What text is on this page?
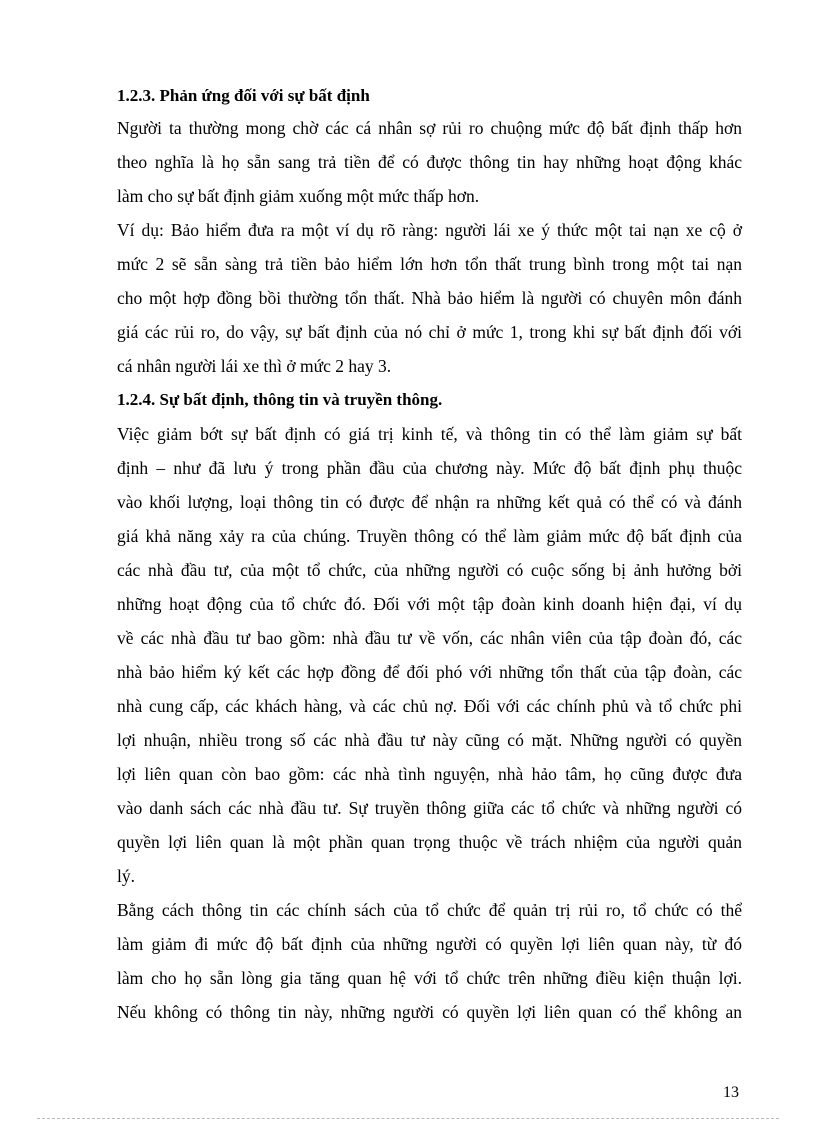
1.2.3. Phản ứng đối với sự bất định
Người ta thường mong chờ các cá nhân sợ rủi ro chuộng mức độ bất định thấp hơn
theo nghĩa là họ sẵn sang trả tiền để có được thông tin hay những hoạt động khác
làm cho sự bất định giảm xuống một mức thấp hơn.
Ví dụ: Bảo hiểm đưa ra một ví dụ rõ ràng: người lái xe ý thức một tai nạn xe cộ ở
mức 2 sẽ sẵn sàng trả tiền bảo hiểm lớn hơn tổn thất trung bình trong một tai nạn
cho một hợp đồng bồi thường tổn thất. Nhà bảo hiểm là người có chuyên môn đánh
giá các rủi ro, do vậy, sự bất định của nó chỉ ở mức 1, trong khi sự bất định đối với
cá nhân người lái xe thì ở mức 2 hay 3.
1.2.4. Sự bất định, thông tin và truyền thông.
Việc giảm bớt sự bất định có giá trị kinh tế, và thông tin có thể làm giảm sự bất
định – như đã lưu ý trong phần đầu của chương này. Mức độ bất định phụ thuộc
vào khối lượng, loại thông tin có được để nhận ra những kết quả có thể có và đánh
giá khả năng xảy ra của chúng. Truyền thông có thể làm giảm mức độ bất định của
các nhà đầu tư, của một tổ chức, của những người có cuộc sống bị ảnh hưởng bởi
những hoạt động của tổ chức đó. Đối với một tập đoàn kinh doanh hiện đại, ví dụ
về các nhà đầu tư bao gồm: nhà đầu tư về vốn, các nhân viên của tập đoàn đó, các
nhà bảo hiểm ký kết các hợp đồng để đối phó với những tổn thất của tập đoàn, các
nhà cung cấp, các khách hàng, và các chủ nợ. Đối với các chính phủ và tổ chức phi
lợi nhuận, nhiều trong số các nhà đầu tư này cũng có mặt. Những người có quyền
lợi liên quan còn bao gồm: các nhà tình nguyện, nhà hảo tâm, họ cũng được đưa
vào danh sách các nhà đầu tư. Sự truyền thông giữa các tổ chức và những người có
quyền lợi liên quan là một phần quan trọng thuộc về trách nhiệm của người quản
lý.
Bằng cách thông tin các chính sách của tổ chức để quản trị rủi ro, tổ chức có thể
làm giảm đi mức độ bất định của những người có quyền lợi liên quan này, từ đó
làm cho họ sẵn lòng gia tăng quan hệ với tổ chức trên những điều kiện thuận lợi.
Nếu không có thông tin này, những người có quyền lợi liên quan có thể không an
13
